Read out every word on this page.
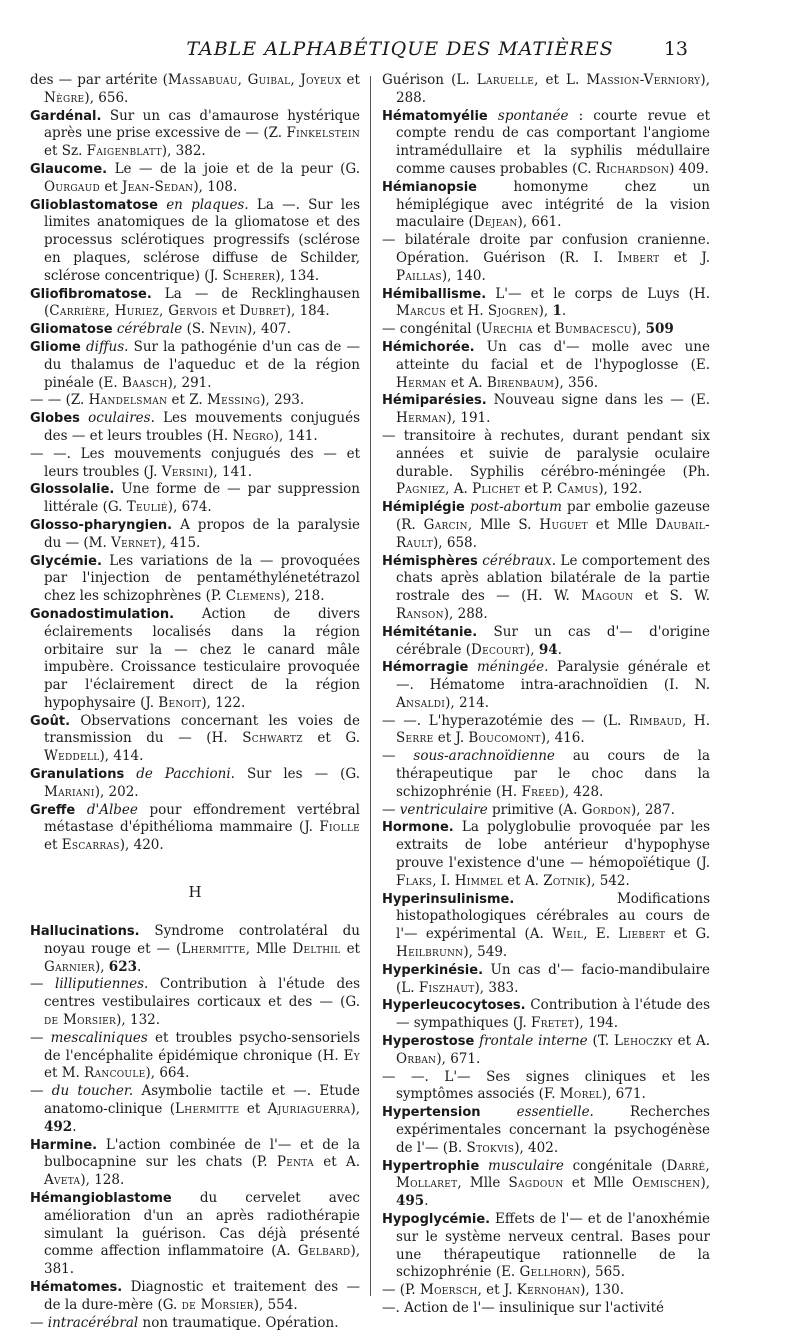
TABLE ALPHABÉTIQUE DES MATIÈRES	13
des — par artérite (Massabuau, Guibal, Joyeux et Nègre), 656.
Gardénal. Sur un cas d'amaurose hystérique après une prise excessive de — (Z. Finkelstein et Sz. Faigenblatt), 382.
Glaucome. Le — de la joie et de la peur (G. Ourgaud et Jean-Sedan), 108.
Glioblastomatose en plaques. La —. Sur les limites anatomiques de la gliomatose et des processus sclérotiques progressifs (sclérose en plaques, sclérose diffuse de Schilder, sclérose concentrique) (J. Scherer), 134.
Gliofibromatose. La — de Recklinghausen (Carrière, Huriez, Gervois et Dubret), 184.
Gliomatose cérébrale (S. Nevin), 407.
Gliome diffus. Sur la pathogénie d'un cas de — du thalamus de l'aqueduc et de la région pinéale (E. Baasch), 291.
— — (Z. Handelsman et Z. Messing), 293.
Globes oculaires. Les mouvements conjugués des — et leurs troubles (H. Negro), 141.
— —. Les mouvements conjugués des — et leurs troubles (J. Versini), 141.
Glossolalie. Une forme de — par suppression littérale (G. Teulié), 674.
Glosso-pharyngien. A propos de la paralysie du — (M. Vernet), 415.
Glycémie. Les variations de la — provoquées par l'injection de pentaméthylénetétrazol chez les schizophrènes (P. Clemens), 218.
Gonadostimulation. Action de divers éclairements localisés dans la région orbitaire sur la — chez le canard mâle impubère. Croissance testiculaire provoquée par l'éclairement direct de la région hypophysaire (J. Benoit), 122.
Goût. Observations concernant les voies de transmission du — (H. Schwartz et G. Weddell), 414.
Granulations de Pacchioni. Sur les — (G. Mariani), 202.
Greffe d'Albee pour effondrement vertébral métastase d'épithélioma mammaire (J. Fiolle et Escarras), 420.
H
Hallucinations. Syndrome controlatéral du noyau rouge et — (Lhermitte, Mlle Delthil et Garnier), 623.
— lilliputiennes. Contribution à l'étude des centres vestibulaires corticaux et des — (G. de Morsier), 132.
— mescaliniques et troubles psycho-sensoriels de l'encéphalite épidémique chronique (H. Ey et M. Rancoule), 664.
— du toucher. Asymbolie tactile et —. Etude anatomo-clinique (Lhermitte et Ajuriaguerra), 492.
Harmine. L'action combinée de l'— et de la bulbocapnine sur les chats (P. Penta et A. Aveta), 128.
Hémangioblastome du cervelet avec amélioration d'un an après radiothérapie simulant la guérison. Cas déjà présenté comme affection inflammatoire (A. Gelbard), 381.
Hématomes. Diagnostic et traitement des — de la dure-mère (G. de Morsier), 554.
— intracérébral non traumatique. Opération.
Guérison (L. Laruelle, et L. Massion-Verniory), 288.
Hématomyélie spontanée : courte revue et compte rendu de cas comportant l'angiome intramédullaire et la syphilis médullaire comme causes probables (C. Richardson) 409.
Hémianopsie homonyme chez un hémiplégique avec intégrité de la vision maculaire (Dejean), 661.
— bilatérale droite par confusion cranienne. Opération. Guérison (R. I. Imbert et J. Paillas), 140.
Hémiballisme. L'— et le corps de Luys (H. Marcus et H. Sjogren), 1.
— congénital (Urechia et Bumbacescu), 509
Hémichorée. Un cas d'— molle avec une atteinte du facial et de l'hypoglosse (E. Herman et A. Birenbaum), 356.
Hémiparésies. Nouveau signe dans les — (E. Herman), 191.
— transitoire à rechutes, durant pendant six années et suivie de paralysie oculaire durable. Syphilis cérébro-méningée (Ph. Pagniez, A. Plichet et P. Camus), 192.
Hémiplégie post-abortum par embolie gazeuse (R. Garcin, Mlle S. Huguet et Mlle Daubail-Rault), 658.
Hémisphères cérébraux. Le comportement des chats après ablation bilatérale de la partie rostrale des — (H. W. Magoun et S. W. Ranson), 288.
Hémitétanie. Sur un cas d'— d'origine cérébrale (Decourt), 94.
Hémorragie méningée. Paralysie générale et —. Hématome intra-arachnoïdien (I. N. Ansaldi), 214.
— —. L'hyperazotémie des — (L. Rimbaud, H. Serre et J. Boucomont), 416.
— sous-arachnoïdienne au cours de la thérapeutique par le choc dans la schizophrénie (H. Freed), 428.
— ventriculaire primitive (A. Gordon), 287.
Hormone. La polyglobulie provoquée par les extraits de lobe antérieur d'hypophyse prouve l'existence d'une — hémopoïétique (J. Flaks, I. Himmel et A. Zotnik), 542.
Hyperinsulinisme. Modifications histopathologiques cérébrales au cours de l'— expérimental (A. Weil, E. Liebert et G. Heilbrunn), 549.
Hyperkinésie. Un cas d'— facio-mandibulaire (L. Fiszhaut), 383.
Hyperleucocytoses. Contribution à l'étude des — sympathiques (J. Fretet), 194.
Hyperostose frontale interne (T. Lehoczky et A. Orban), 671.
— —. L'— Ses signes cliniques et les symptômes associés (F. Morel), 671.
Hypertension	essentielle. Recherches expérimentales concernant la psychogénèse de l'— (B. Stokvis), 402.
Hypertrophie musculaire congénitale (Darré, Mollaret, Mlle Sagdoun et Mlle Oemischen), 495.
Hypoglycémie. Effets de l'— et de l'anoxhémie sur le système nerveux central. Bases pour une thérapeutique rationnelle de la schizophrénie (E. Gellhorn), 565.
— (P. Moersch, et J. Kernohan), 130.
—. Action de l'— insulinique sur l'activité
